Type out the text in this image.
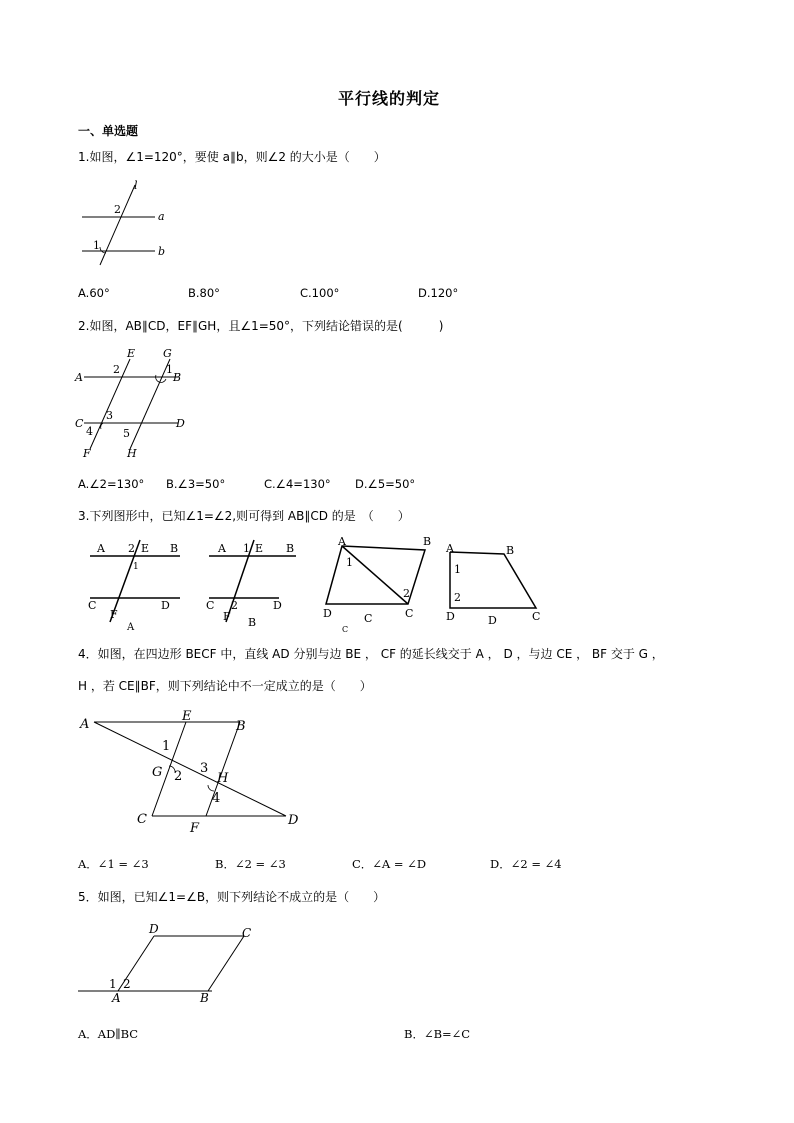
平行线的判定
一、单选题
1.如图，∠1=120°，要使 a∥b，则∠2 的大小是（　　）
l
a
b
2
1
A.60°	B.80°	C.100°	D.120°
2.如图，AB∥CD，EF∥GH，且∠1=50°，下列结论错误的是(　　　)
A	B
C	D
E	G
F	H
2	1
3
4	5
A.∠2=130° B.∠3=50°	C.∠4=130° D.∠5=50°
3.下列图形中，已知∠1=∠2,则可得到 AB∥CD 的是　（　　）
A 2 E B
1
C
F
D
A
A 1 E B
C 2
F
D
B
A	B
1
2
D	C
C
C
A	B
1
2
D	D	C
4．如图，在四边形 BECF 中，直线 AD 分别与边 BE ， CF 的延长线交于 A ， D ，与边 CE ， BF 交于 G ，
H ，若 CE∥BF，则下列结论中不一定成立的是（　　）
A
E
B
1
G 2
3
H
4
C
F
D
A．∠1 = ∠3	B．∠2 = ∠3	C．∠A = ∠D	D．∠2 = ∠4
5．如图，已知∠1=∠B，则下列结论不成立的是（　　）
D	C
1 2
A	B
A．AD∥BC	B．∠B=∠C
